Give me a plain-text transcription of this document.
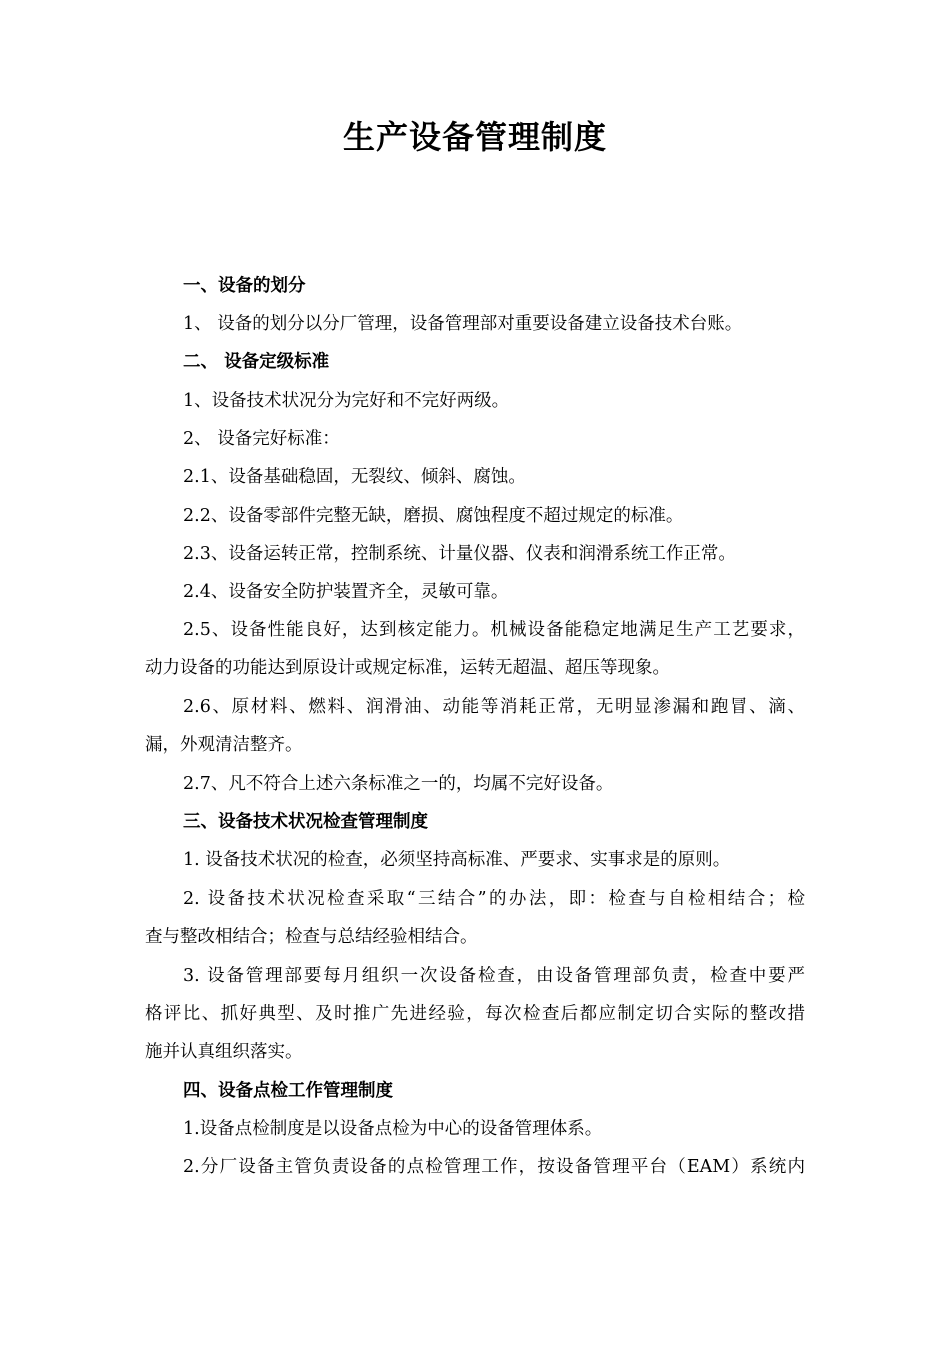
生产设备管理制度
一、设备的划分
1、 设备的划分以分厂管理，设备管理部对重要设备建立设备技术台账。
二、 设备定级标准
1、设备技术状况分为完好和不完好两级。
2、 设备完好标准：
2.1、设备基础稳固，无裂纹、倾斜、腐蚀。
2.2、设备零部件完整无缺，磨损、腐蚀程度不超过规定的标准。
2.3、设备运转正常，控制系统、计量仪器、仪表和润滑系统工作正常。
2.4、设备安全防护装置齐全，灵敏可靠。
2.5、设备性能良好，达到核定能力。机械设备能稳定地满足生产工艺要求，
动力设备的功能达到原设计或规定标准，运转无超温、超压等现象。
2.6、原材料、燃料、润滑油、动能等消耗正常，无明显渗漏和跑冒、滴、
漏，外观清洁整齐。
2.7、凡不符合上述六条标准之一的，均属不完好设备。
三、设备技术状况检查管理制度
1. 设备技术状况的检查，必须坚持高标准、严要求、实事求是的原则。
2. 设备技术状况检查采取“三结合”的办法，即：检查与自检相结合；检
查与整改相结合；检查与总结经验相结合。
3. 设备管理部要每月组织一次设备检查，由设备管理部负责，检查中要严
格评比、抓好典型、及时推广先进经验，每次检查后都应制定切合实际的整改措
施并认真组织落实。
四、设备点检工作管理制度
1.设备点检制度是以设备点检为中心的设备管理体系。
2.分厂设备主管负责设备的点检管理工作，按设备管理平台（EAM）系统内
